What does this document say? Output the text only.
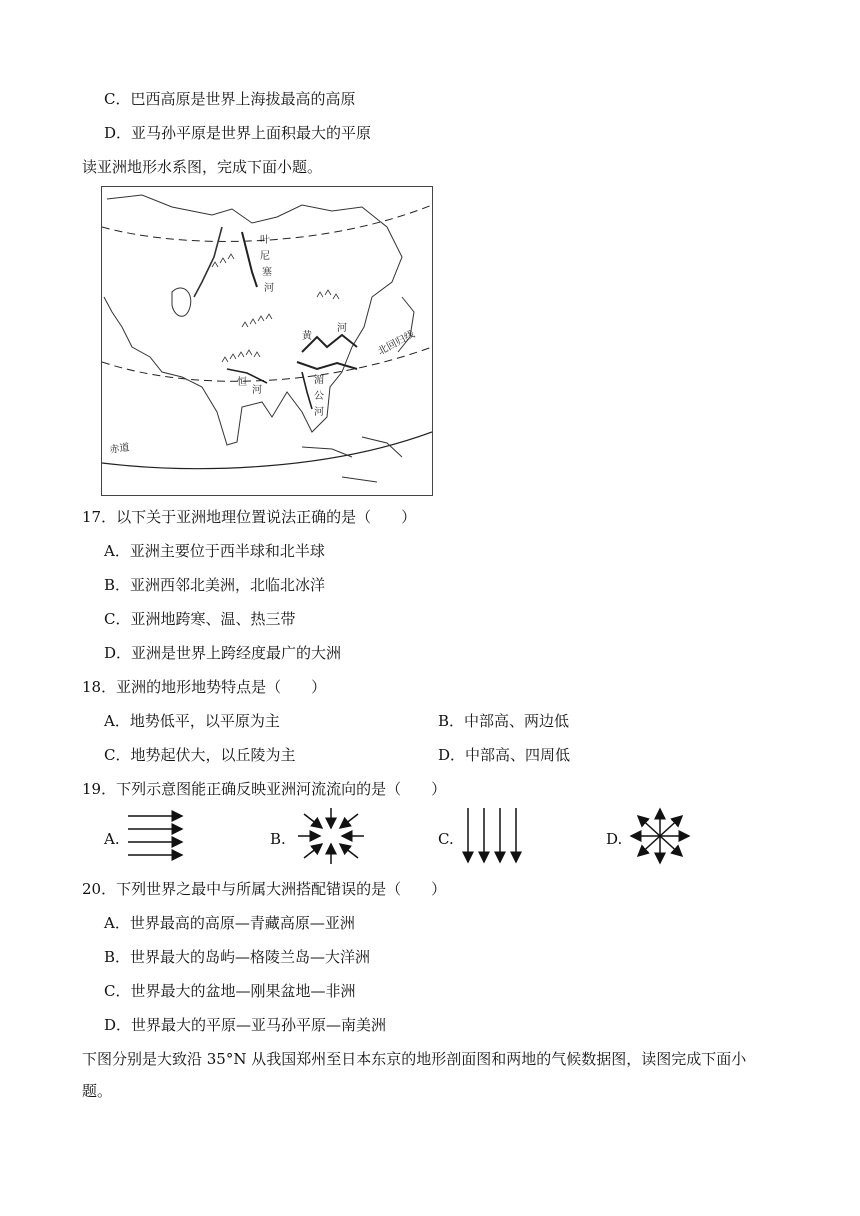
C．巴西高原是世界上海拔最高的高原
D．亚马孙平原是世界上面积最大的平原
读亚洲地形水系图，完成下面小题。
叶
尼
塞
河
黄
河
湄
公
河
恒
河
北回归线
赤道
17．以下关于亚洲地理位置说法正确的是（　　）
A．亚洲主要位于西半球和北半球
B．亚洲西邻北美洲，北临北冰洋
C．亚洲地跨寒、温、热三带
D．亚洲是世界上跨经度最广的大洲
18．亚洲的地形地势特点是（　　）
A．地势低平，以平原为主	B．中部高、两边低
C．地势起伏大，以丘陵为主	D．中部高、四周低
19．下列示意图能正确反映亚洲河流流向的是（　　）
A.	B.	C.	D.
20．下列世界之最中与所属大洲搭配错误的是（　　）
A．世界最高的高原—青藏高原—亚洲
B．世界最大的岛屿—格陵兰岛—大洋洲
C．世界最大的盆地—刚果盆地—非洲
D．世界最大的平原—亚马孙平原—南美洲
下图分别是大致沿 35°N 从我国郑州至日本东京的地形剖面图和两地的气候数据图，读图完成下面小
题。
